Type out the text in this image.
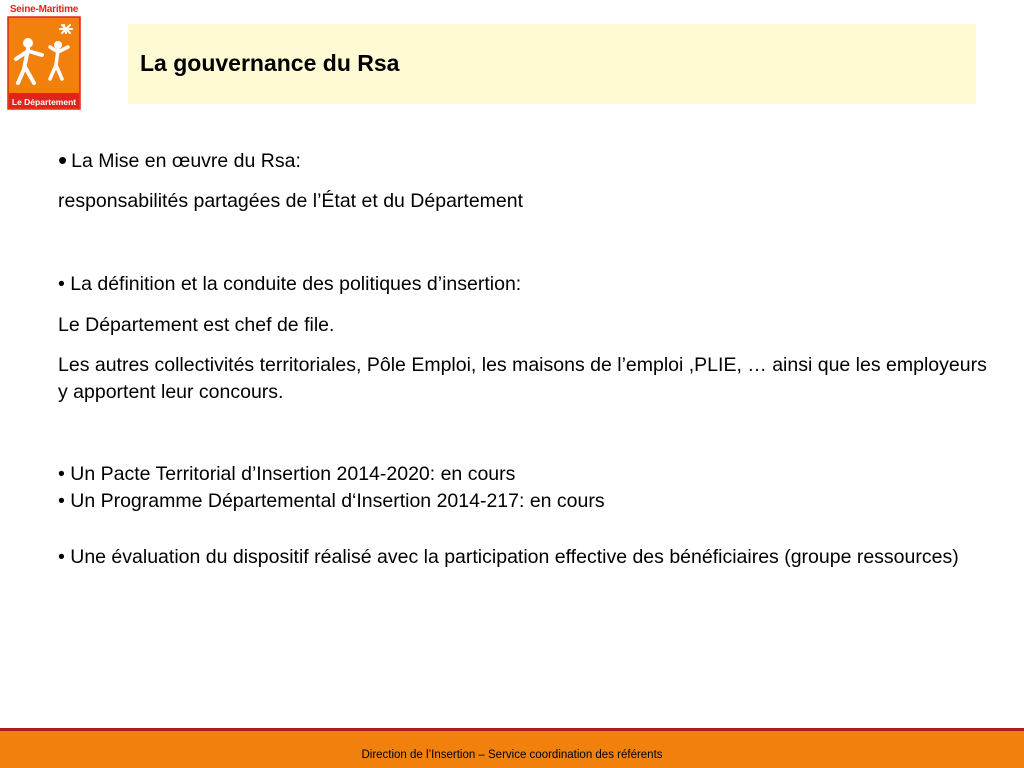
Seine-Maritime
Le Département
La gouvernance du Rsa
• La Mise en œuvre du Rsa:
responsabilités partagées de l’État et du Département
• La définition et la conduite des politiques d’insertion:
Le Département est chef de file.
Les autres collectivités territoriales, Pôle Emploi, les maisons de l’emploi ,PLIE, … ainsi que les employeurs y apportent leur concours.
• Un Pacte Territorial d’Insertion 2014-2020: en cours
• Un Programme Départemental d‘Insertion 2014-217: en cours
• Une évaluation du dispositif réalisé avec la participation effective des bénéficiaires (groupe ressources)
Direction de l’Insertion – Service coordination des référents
